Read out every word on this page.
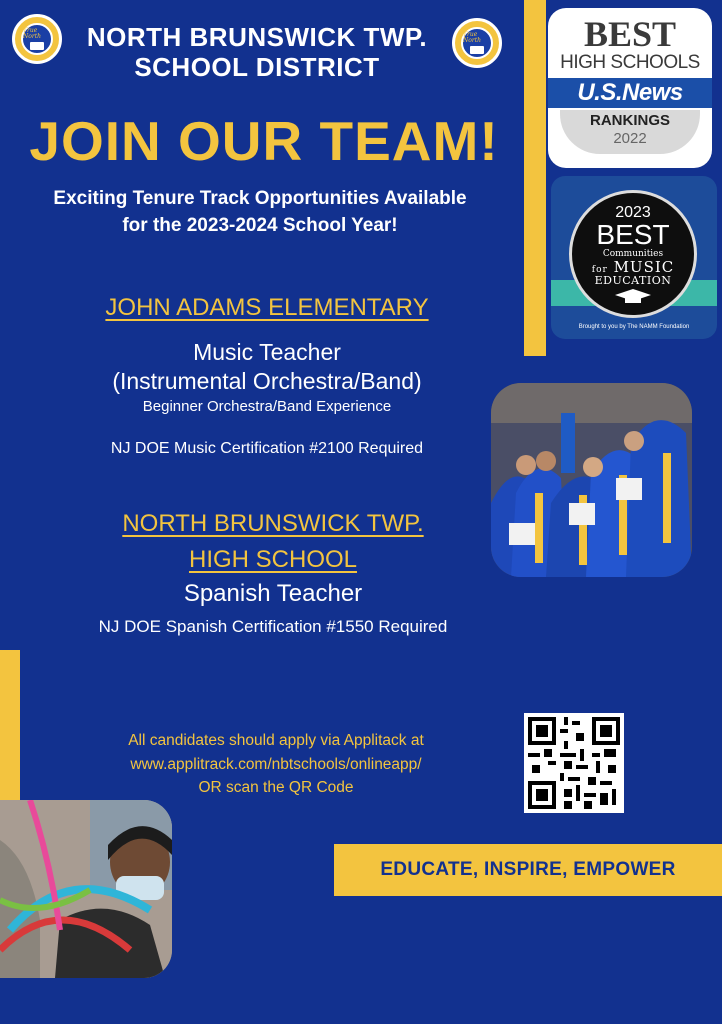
True North	True North
NORTH BRUNSWICK TWP.
SCHOOL DISTRICT
JOIN OUR TEAM!
Exciting Tenure Track Opportunities Available
for the 2023-2024 School Year!
JOHN ADAMS ELEMENTARY
Music Teacher
(Instrumental Orchestra/Band)
Beginner Orchestra/Band Experience
NJ DOE Music Certification #2100 Required
NORTH BRUNSWICK TWP.
HIGH SCHOOL
Spanish Teacher
NJ DOE Spanish Certification #1550 Required
All candidates should apply via Applitack at
www.applitrack.com/nbtschools/onlineapp/
OR scan the QR Code
BEST
HIGH SCHOOLS
U.S.News
RANKINGS
2022
2023
BEST
Communities
for MUSIC
EDUCATION
Brought to you by The NAMM Foundation
EDUCATE, INSPIRE, EMPOWER
